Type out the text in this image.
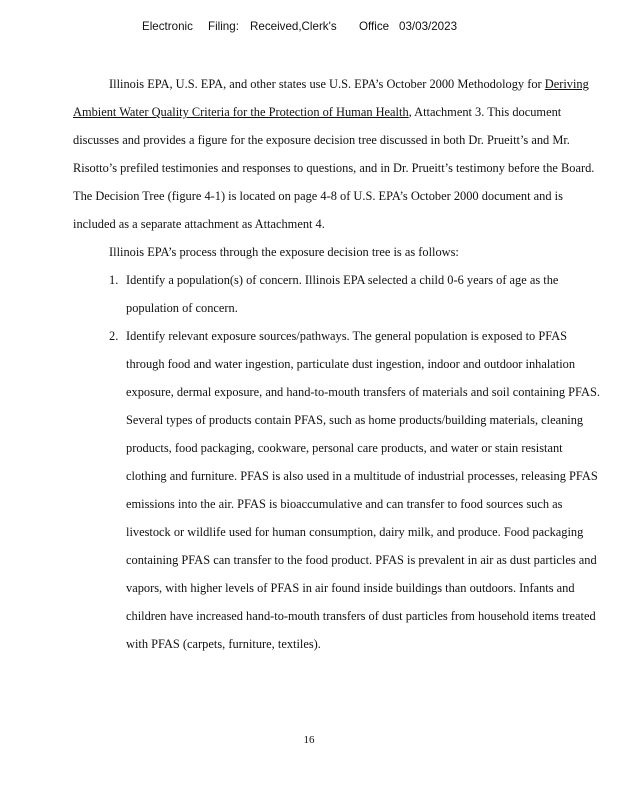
Electronic Filing: Received,Clerk's Office 03/03/2023

Illinois EPA, U.S. EPA, and other states use U.S. EPA’s October 2000 Methodology for Deriving Ambient Water Quality Criteria for the Protection of Human Health, Attachment 3. This document discusses and provides a figure for the exposure decision tree discussed in both Dr. Prueitt’s and Mr. Risotto’s prefiled testimonies and responses to questions, and in Dr. Prueitt’s testimony before the Board. The Decision Tree (figure 4-1) is located on page 4-8 of U.S. EPA’s October 2000 document and is included as a separate attachment as Attachment 4.

Illinois EPA’s process through the exposure decision tree is as follows:

1. Identify a population(s) of concern. Illinois EPA selected a child 0-6 years of age as the population of concern.
2. Identify relevant exposure sources/pathways. The general population is exposed to PFAS through food and water ingestion, particulate dust ingestion, indoor and outdoor inhalation exposure, dermal exposure, and hand-to-mouth transfers of materials and soil containing PFAS. Several types of products contain PFAS, such as home products/building materials, cleaning products, food packaging, cookware, personal care products, and water or stain resistant clothing and furniture. PFAS is also used in a multitude of industrial processes, releasing PFAS emissions into the air. PFAS is bioaccumulative and can transfer to food sources such as livestock or wildlife used for human consumption, dairy milk, and produce. Food packaging containing PFAS can transfer to the food product. PFAS is prevalent in air as dust particles and vapors, with higher levels of PFAS in air found inside buildings than outdoors. Infants and children have increased hand-to-mouth transfers of dust particles from household items treated with PFAS (carpets, furniture, textiles).
16
